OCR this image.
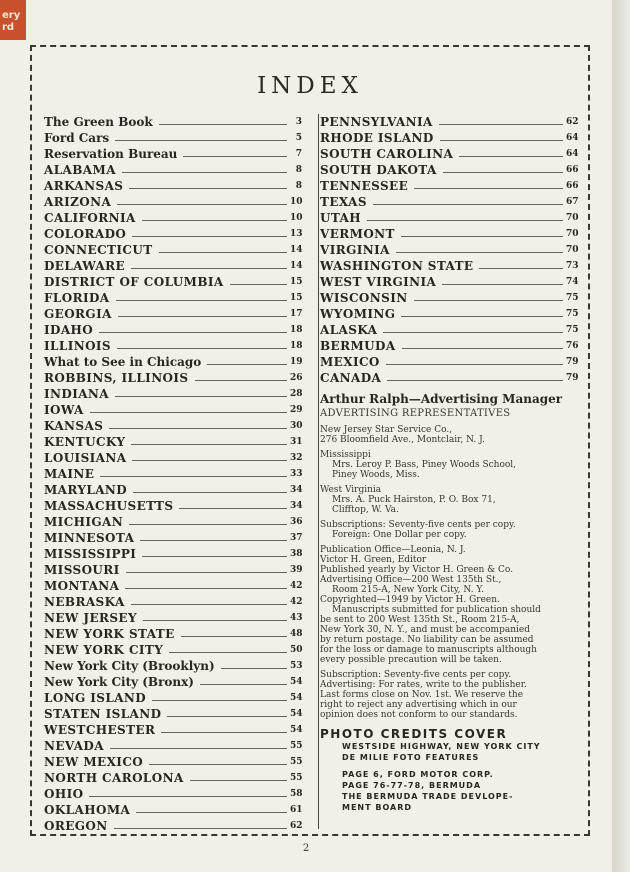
ery
rd
INDEX
The Green Book	3
Ford Cars	5
Reservation Bureau	7
ALABAMA	8
ARKANSAS	8
ARIZONA	10
CALIFORNIA	10
COLORADO	13
CONNECTICUT	14
DELAWARE	14
DISTRICT OF COLUMBIA	15
FLORIDA	15
GEORGIA	17
IDAHO	18
ILLINOIS	18
What to See in Chicago	19
ROBBINS, ILLINOIS	26
INDIANA	28
IOWA	29
KANSAS	30
KENTUCKY	31
LOUISIANA	32
MAINE	33
MARYLAND	34
MASSACHUSETTS	34
MICHIGAN	36
MINNESOTA	37
MISSISSIPPI	38
MISSOURI	39
MONTANA	42
NEBRASKA	42
NEW JERSEY	43
NEW YORK STATE	48
NEW YORK CITY	50
New York City (Brooklyn)	53
New York City (Bronx)	54
LONG ISLAND	54
STATEN ISLAND	54
WESTCHESTER	54
NEVADA	55
NEW MEXICO	55
NORTH CAROLONA	55
OHIO	58
OKLAHOMA	61
OREGON	62
PENNSYLVANIA	62
RHODE ISLAND	64
SOUTH CAROLINA	64
SOUTH DAKOTA	66
TENNESSEE	66
TEXAS	67
UTAH	70
VERMONT	70
VIRGINIA	70
WASHINGTON STATE	73
WEST VIRGINIA	74
WISCONSIN	75
WYOMING	75
ALASKA	75
BERMUDA	76
MEXICO	79
CANADA	79
Arthur Ralph—Advertising Manager
ADVERTISING REPRESENTATIVES
New Jersey Star Service Co.,
276 Bloomfield Ave., Montclair, N. J.
Mississippi
Mrs. Leroy P. Bass, Piney Woods School,
Piney Woods, Miss.
West Virginia
Mrs. A. Puck Hairston, P. O. Box 71,
Clifftop, W. Va.
Subscriptions: Seventy-five cents per copy.
Foreign: One Dollar per copy.
Publication Office—Leonia, N. J.
Victor H. Green, Editor
Published yearly by Victor H. Green & Co.
Advertising Office—200 West 135th St.,
Room 215-A, New York City, N. Y.
Copyrighted—1949 by Victor H. Green.
Manuscripts submitted for publication should
be sent to 200 West 135th St., Room 215-A,
New York 30, N. Y., and must be accompanied
by return postage. No liability can be assumed
for the loss or damage to manuscripts although
every possible precaution will be taken.
Subscription: Seventy-five cents per copy.
Advertising: For rates, write to the publisher.
Last forms close on Nov. 1st. We reserve the
right to reject any advertising which in our
opinion does not conform to our standards.
PHOTO CREDITS COVER
WESTSIDE HIGHWAY, NEW YORK CITY
DE MILIE FOTO FEATURES
PAGE 6, FORD MOTOR CORP.
PAGE 76-77-78, BERMUDA
THE BERMUDA TRADE DEVLOPE-
MENT BOARD
2
